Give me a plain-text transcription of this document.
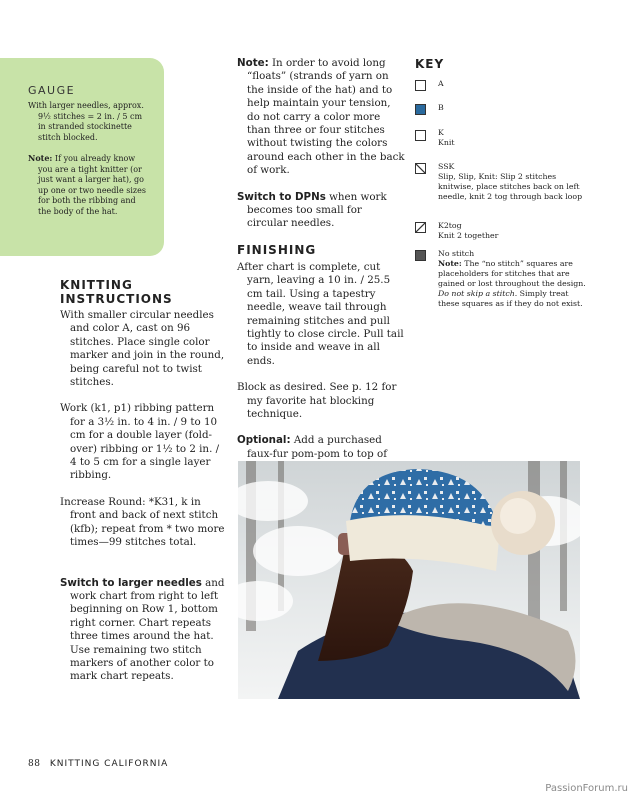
GAUGE

With larger needles, approx.

9½ stitches = 2 in. / 5 cm

in stranded stockinette

stitch blocked.

Note: If you already know

you are a tight knitter (or

just want a larger hat), go

up one or two needle sizes

for both the ribbing and

the body of the hat.

KNITTING
INSTRUCTIONS

With smaller circular needles and color A, cast on 96 stitches. Place single color marker and join in the round, being careful not to twist stitches.

Work (k1, p1) ribbing pattern for a 3½ in. to 4 in. / 9 to 10 cm for a double layer (fold-over) ribbing or 1½ to 2 in. / 4 to 5 cm for a single layer ribbing.

Increase Round: *K31, k in front and back of next stitch (kfb); repeat from * two more times—99 stitches total.

Switch to larger needles and work chart from right to left beginning on Row 1, bottom right corner. Chart repeats three times around the hat. Use remaining two stitch markers of another color to mark chart repeats.

Note: In order to avoid long “floats” (strands of yarn on the inside of the hat) and to help maintain your tension, do not carry a color more than three or four stitches without twisting the colors around each other in the back of work.

Switch to DPNs when work becomes too small for circular needles.

FINISHING

After chart is complete, cut yarn, leaving a 10 in. / 25.5 cm tail. Using a tapestry needle, weave tail through remaining stitches and pull tightly to close circle. Pull tail to inside and weave in all ends.

Block as desired. See p. 12 for my favorite hat blocking technique.

Optional: Add a purchased faux-fur pom-pom to top of

KEY
A
B

K

Knit

SSK

Slip, Slip, Knit: Slip 2 stitches

knitwise, place stitches back on left

needle, knit 2 tog through back loop

K2tog

Knit 2 together

No stitch

Note: The “no stitch” squares are

placeholders for stitches that are

gained or lost throughout the design.

Do not skip a stitch. Simply treat

these squares as if they do not exist.

88 KNITTING CALIFORNIA
PassionForum.ru
